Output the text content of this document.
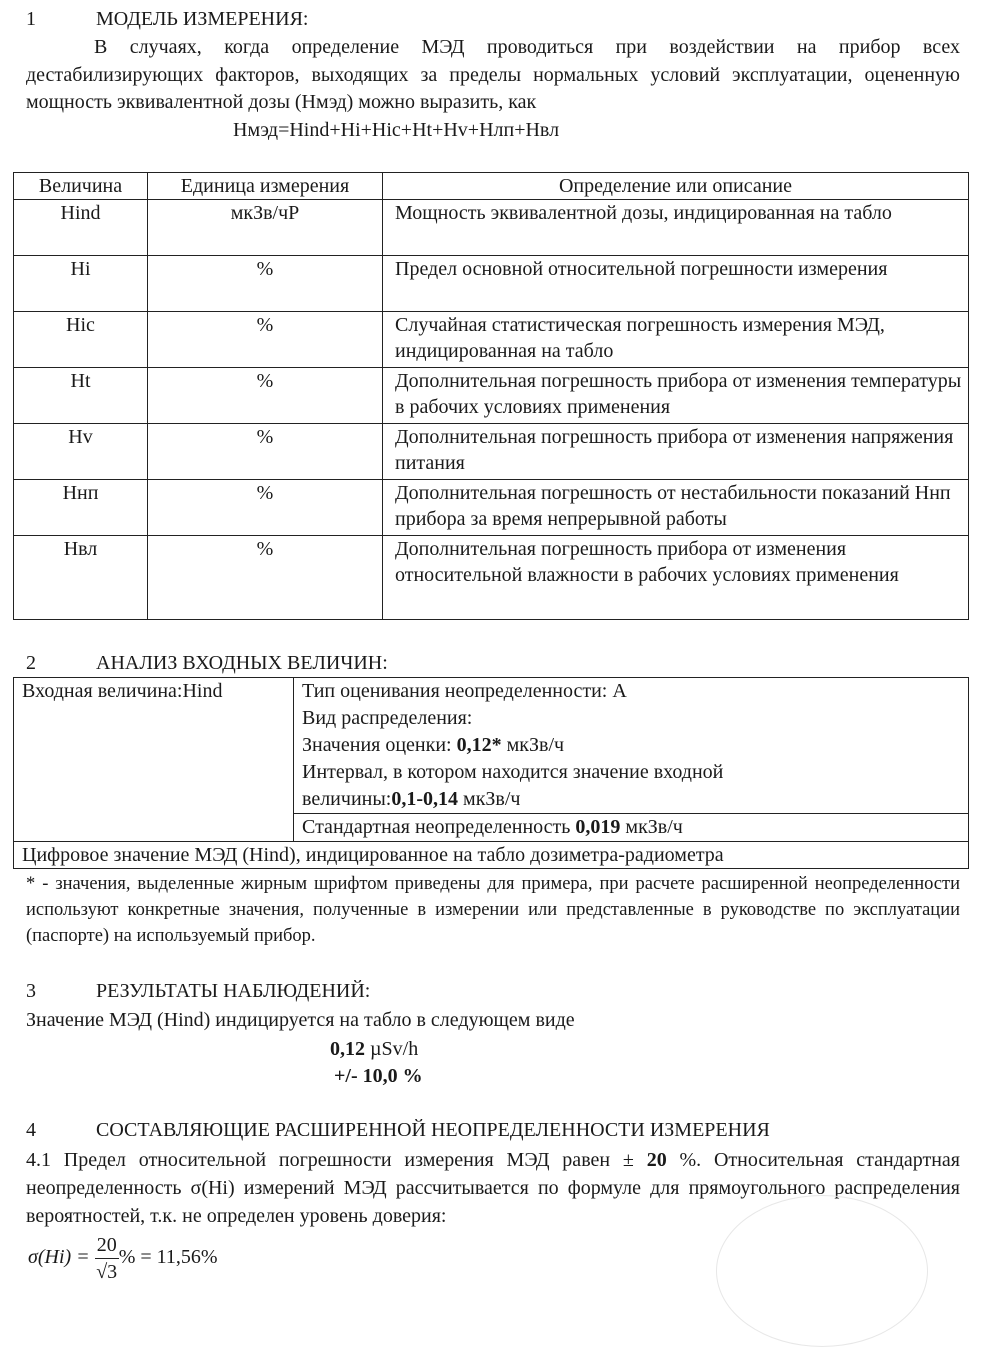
1	МОДЕЛЬ ИЗМЕРЕНИЯ:
В случаях, когда определение МЭД проводиться при воздействии на прибор всех дестабилизирующих факторов, выходящих за пределы нормальных условий эксплуатации, оцененную мощность эквивалентной дозы (Нмэд) можно выразить, как
Нмэд=Hind+Hi+Hic+Ht+Hv+Нлп+Нвл
Величина	Единица измерения	Определение или описание
Hind	мкЗв/чР	Мощность эквивалентной дозы, индицированная на табло
Hi	%	Предел основной относительной погрешности измерения
Hic	%	Случайная статистическая погрешность измерения МЭД, индицированная на табло
Ht	%	Дополнительная погрешность прибора от изменения температуры в рабочих условиях применения
Hv	%	Дополнительная погрешность прибора от изменения напряжения питания
Ннп	%	Дополнительная погрешность от нестабильности показаний Ннп прибора за время непрерывной работы
Нвл	%	Дополнительная погрешность прибора от изменения относительной влажности в рабочих условиях применения
2	АНАЛИЗ ВХОДНЫХ ВЕЛИЧИН:
Входная величина:Hind	Тип оценивания неопределенности: А
Вид распределения:
Значения оценки: 0,12* мкЗв/ч
Интервал, в котором находится значение входной
величины:0,1-0,14 мкЗв/ч
Стандартная неопределенность 0,019 мкЗв/ч

Цифровое значение МЭД (Hind), индицированное на табло дозиметра-радиометра
* - значения, выделенные жирным шрифтом приведены для примера, при расчете расширенной неопределенности используют конкретные значения, полученные в измерении или представленные в руководстве по эксплуатации (паспорте) на используемый прибор.
3	РЕЗУЛЬТАТЫ НАБЛЮДЕНИЙ:
Значение МЭД (Hind) индицируется на табло в следующем виде
0,12 µSv/h
+/- 10,0 %
4	СОСТАВЛЯЮЩИЕ РАСШИРЕННОЙ НЕОПРЕДЕЛЕННОСТИ ИЗМЕРЕНИЯ
4.1 Предел относительной погрешности измерения МЭД равен ± 20 %. Относительная стандартная неопределенность σ(Hi) измерений МЭД рассчитывается по формуле для прямоугольного распределения вероятностей, т.к. не определен уровень доверия:
$\sigma(Hi) = \frac{20}{√3}$ % = 11,56%
